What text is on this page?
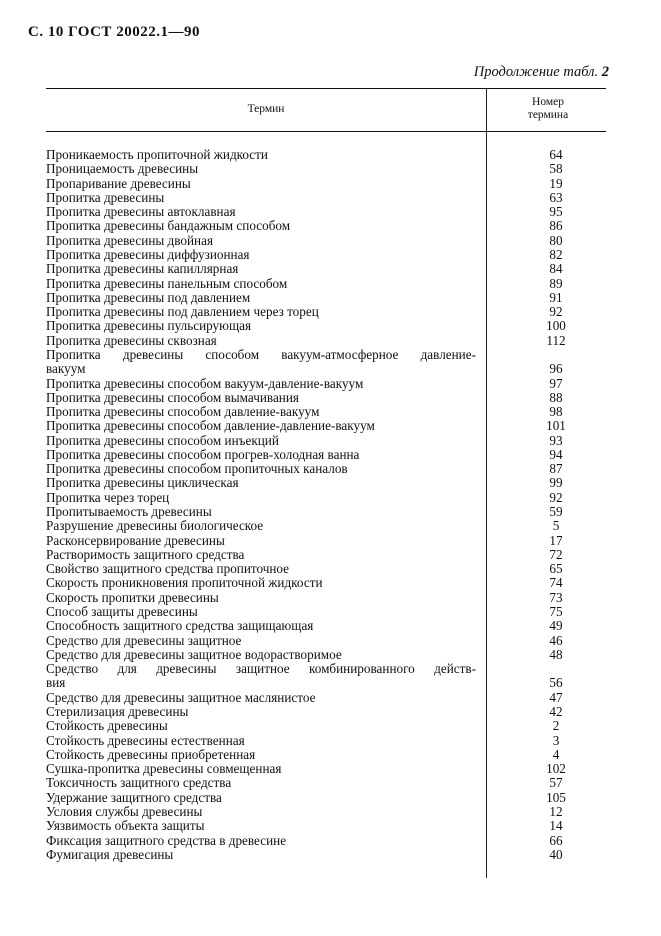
С. 10 ГОСТ 20022.1—90
Продолжение табл. 2
Термин
Номер
термина
Проникаемость пропиточной жидкости	64
Проницаемость древесины	58
Пропаривание древесины	19
Пропитка древесины	63
Пропитка древесины автоклавная	95
Пропитка древесины бандажным способом	86
Пропитка древесины двойная	80
Пропитка древесины диффузионная	82
Пропитка древесины капиллярная	84
Пропитка древесины панельным способом	89
Пропитка древесины под давлением	91
Пропитка древесины под давлением через торец	92
Пропитка древесины пульсирующая	100
Пропитка древесины сквозная	112
Пропитка древесины способом вакуум-атмосферное давление-
вакуум	96
Пропитка древесины способом вакуум-давление-вакуум	97
Пропитка древесины способом вымачивания	88
Пропитка древесины способом давление-вакуум	98
Пропитка древесины способом давление-давление-вакуум	101
Пропитка древесины способом инъекций	93
Пропитка древесины способом прогрев-холодная ванна	94
Пропитка древесины способом пропиточных каналов	87
Пропитка древесины циклическая	99
Пропитка через торец	92
Пропитываемость древесины	59
Разрушение древесины биологическое	5
Расконсервирование древесины	17
Растворимость защитного средства	72
Свойство защитного средства пропиточное	65
Скорость проникновения пропиточной жидкости	74
Скорость пропитки древесины	73
Способ защиты древесины	75
Способность защитного средства защищающая	49
Средство для древесины защитное	46
Средство для древесины защитное водорастворимое	48
Средство для древесины защитное комбинированного действ-
вия	56
Средство для древесины защитное маслянистое	47
Стерилизация древесины	42
Стойкость древесины	2
Стойкость древесины естественная	3
Стойкость древесины приобретенная	4
Сушка-пропитка древесины совмещенная	102
Токсичность защитного средства	57
Удержание защитного средства	105
Условия службы древесины	12
Уязвимость объекта защиты	14
Фиксация защитного средства в древесине	66
Фумигация древесины	40
